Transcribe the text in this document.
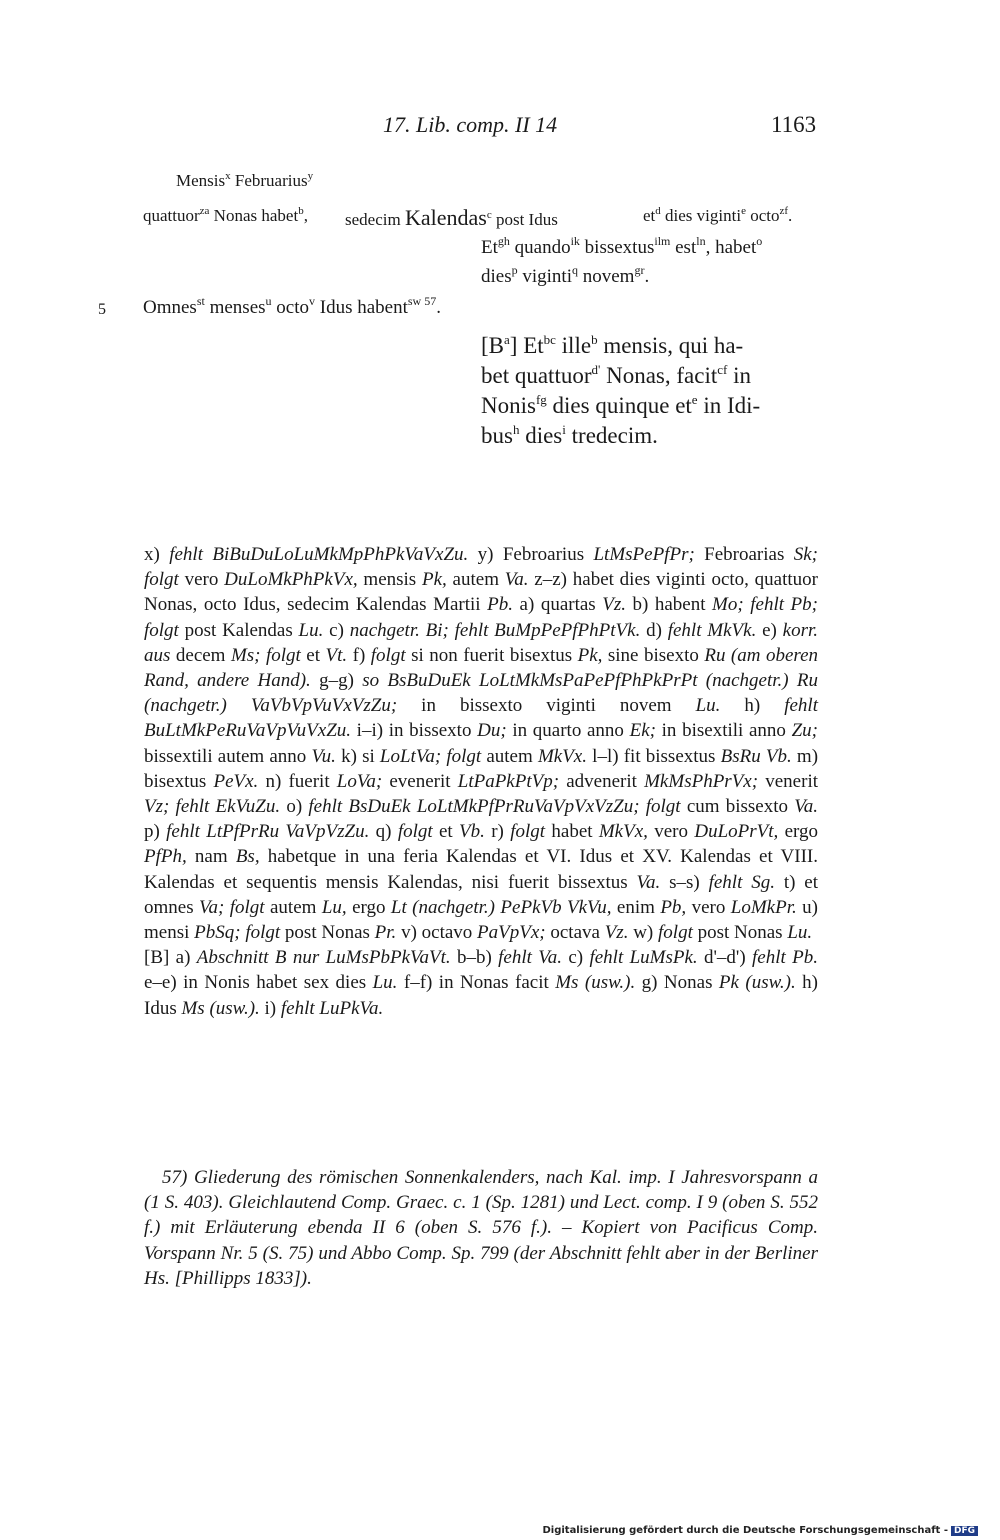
17. Lib. comp. II 14	1163
Mensis$^x$ Februarius$^y$
quattuor$^{za}$ Nonas habet$^b$, sedecim Kalendas$^c$ post Idus	$et^d$ dies viginti$^e$ octo$^{zf}$.
$Et^{gh}$ quando$^{ik}$ bissextus$^{ilm}$ est$^{ln}$, habet$^o$
dies$^p$ viginti$^q$ novem$^{gr}$.
5 Omnes$^{st}$ menses$^u$ octo$^v$ Idus habent$^{sw 57}$.
$[B^a]$ $Et^{bc}$ ille$^b$ mensis, qui ha-
bet quattuor$^{d'}$ Nonas, facit$^{cf}$ in
Nonis$^{fg}$ dies quinque $et^e$ in Idi-
bus$^h$ dies$^i$ tredecim.

x) fehlt BiBuDuLoLuMkMpPhPkVaVxZu. y) Febroarius LtMsPePfPr; Febroarias Sk; folgt vero DuLoMkPhPkVx, mensis Pk, autem Va. z–z) habet dies viginti octo, quattuor Nonas, octo Idus, sedecim Kalendas Martii Pb. a) quartas Vz. b) habent Mo; fehlt Pb; folgt post Kalendas Lu. c) nachgetr. Bi; fehlt BuMpPePfPhPtVk. d) fehlt MkVk. e) korr. aus decem Ms; folgt et Vt. f) folgt si non fuerit bisextus Pk, sine bisexto Ru (am oberen Rand, andere Hand). g–g) so BsBuDuEk LoLtMkMsPaPePfPhPkPrPt (nachgetr.) Ru (nachgetr.) VaVbVpVuVxVzZu; in bissexto viginti novem Lu. h) fehlt BuLtMkPeRuVaVpVuVxZu. i–i) in bissexto Du; in quarto anno Ek; in bisextili anno Zu; bissextili autem anno Vu. k) si LoLtVa; folgt autem MkVx. l–l) fit bissextus BsRu Vb. m) bisextus PeVx. n) fuerit LoVa; evenerit LtPaPkPtVp; advenerit MkMsPhPrVx; venerit Vz; fehlt EkVuZu. o) fehlt BsDuEk LoLtMkPfPrRuVaVpVxVzZu; folgt cum bissexto Va. p) fehlt LtPfPrRu VaVpVzZu. q) folgt et Vb. r) folgt habet MkVx, vero DuLoPrVt, ergo PfPh, nam Bs, habetque in una feria Kalendas et VI. Idus et XV. Kalendas et VIII. Kalendas et sequentis mensis Kalendas, nisi fuerit bissextus Va. s–s) fehlt Sg. t) et omnes Va; folgt autem Lu, ergo Lt (nachgetr.) PePkVb VkVu, enim Pb, vero LoMkPr. u) mensi PbSq; folgt post Nonas Pr. v) octavo PaVpVx; octava Vz. w) folgt post Nonas Lu.

[B] a) Abschnitt B nur LuMsPbPkVaVt. b–b) fehlt Va. c) fehlt LuMsPk. d'–d') fehlt Pb. e–e) in Nonis habet sex dies Lu. f–f) in Nonas facit Ms (usw.). g) Nonas Pk (usw.). h) Idus Ms (usw.). i) fehlt LuPkVa.

57) Gliederung des römischen Sonnenkalenders, nach Kal. imp. I Jahresvorspann a (1 S. 403). Gleichlautend Comp. Graec. c. 1 (Sp. 1281) und Lect. comp. I 9 (oben S. 552 f.) mit Erläuterung ebenda II 6 (oben S. 576 f.). – Kopiert von Pacificus Comp. Vorspann Nr. 5 (S. 75) und Abbo Comp. Sp. 799 (der Abschnitt fehlt aber in der Berliner Hs. [Phillipps 1833]).
Digitalisierung gefördert durch die Deutsche Forschungsgemeinschaft - DFG
